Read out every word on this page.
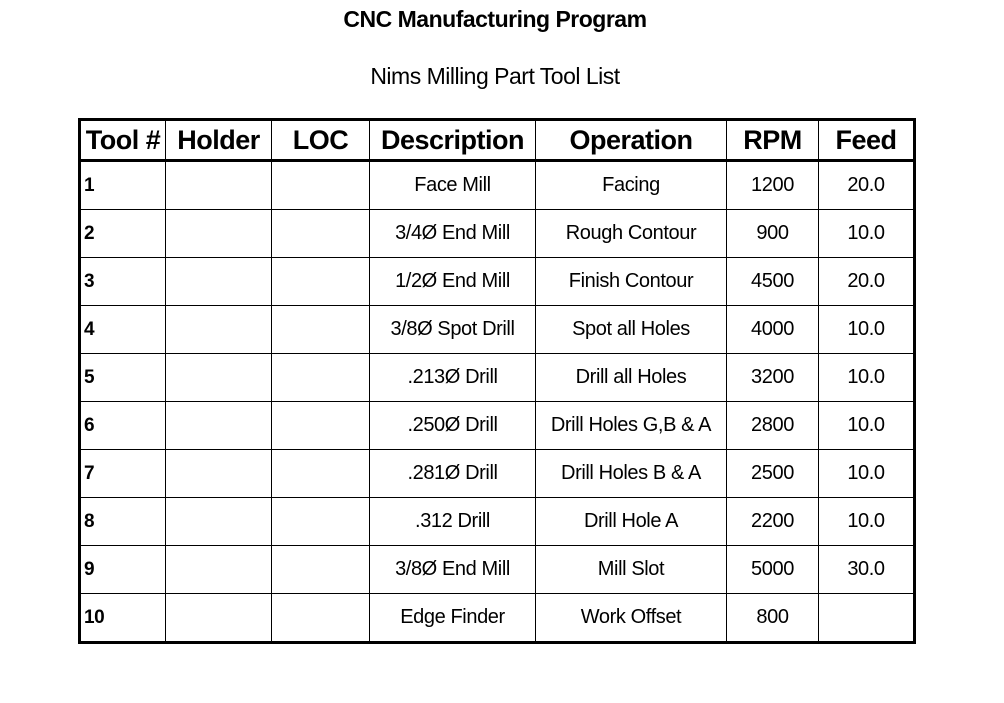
CNC Manufacturing Program
Nims Milling Part Tool List
Tool #	Holder	LOC	Description	Operation	RPM	Feed
1			Face Mill	Facing	1200	20.0
2			3/4Ø End Mill	Rough Contour	900	10.0
3			1/2Ø End Mill	Finish Contour	4500	20.0
4			3/8Ø Spot Drill	Spot all Holes	4000	10.0
5			.213Ø Drill	Drill all Holes	3200	10.0
6			.250Ø Drill	Drill Holes G,B & A	2800	10.0
7			.281Ø Drill	Drill Holes B & A	2500	10.0
8			.312 Drill	Drill Hole A	2200	10.0
9			3/8Ø End Mill	Mill Slot	5000	30.0
10			Edge Finder	Work Offset	800	
